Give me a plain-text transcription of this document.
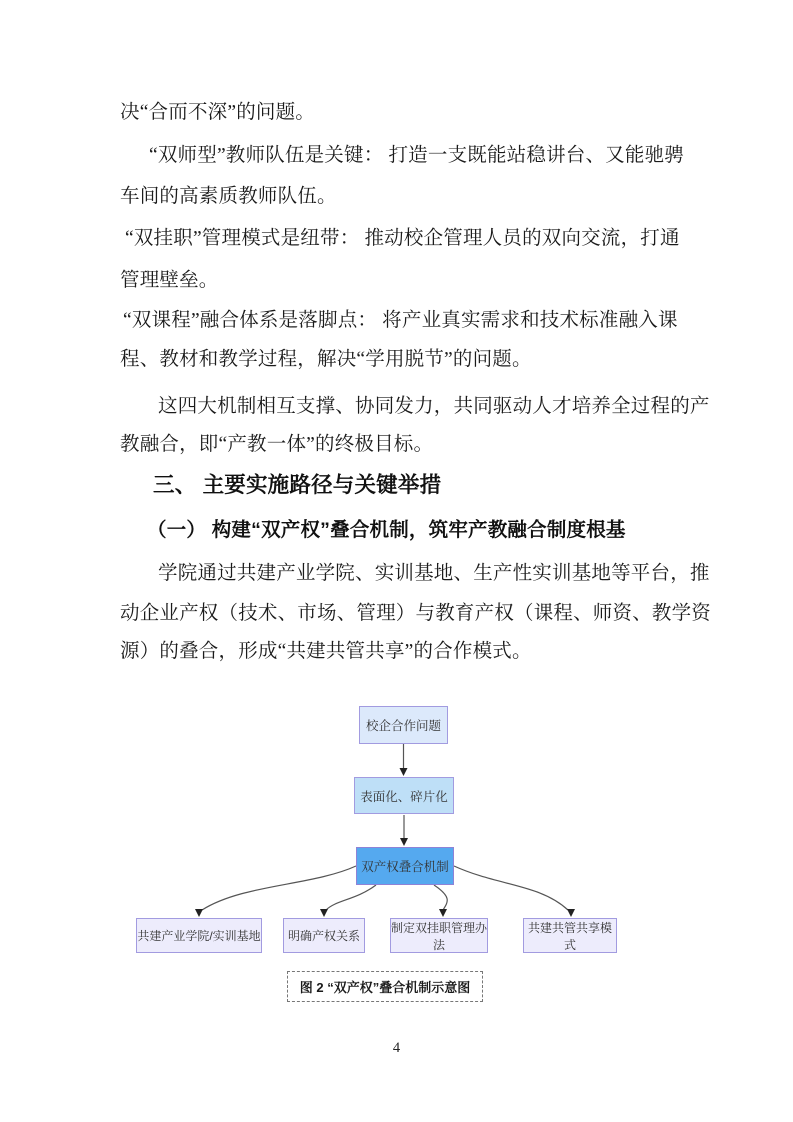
决“合而不深”的问题。
“双师型”教师队伍是关键： 打造一支既能站稳讲台、又能驰骋
车间的高素质教师队伍。
“双挂职”管理模式是纽带： 推动校企管理人员的双向交流，打通
管理壁垒。
“双课程”融合体系是落脚点： 将产业真实需求和技术标准融入课
程、教材和教学过程，解决“学用脱节”的问题。
这四大机制相互支撑、协同发力，共同驱动人才培养全过程的产
教融合，即“产教一体”的终极目标。
三、 主要实施路径与关键举措
（一） 构建“双产权”叠合机制，筑牢产教融合制度根基
学院通过共建产业学院、实训基地、生产性实训基地等平台，推
动企业产权（技术、市场、管理）与教育产权（课程、师资、教学资
源）的叠合，形成“共建共管共享”的合作模式。
校企合作问题
表面化、碎片化
双产权叠合机制
共建产业学院/实训基地	明确产权关系
制定双挂职管理办法
共建共管共享模式
图 2 “双产权”叠合机制示意图
4
